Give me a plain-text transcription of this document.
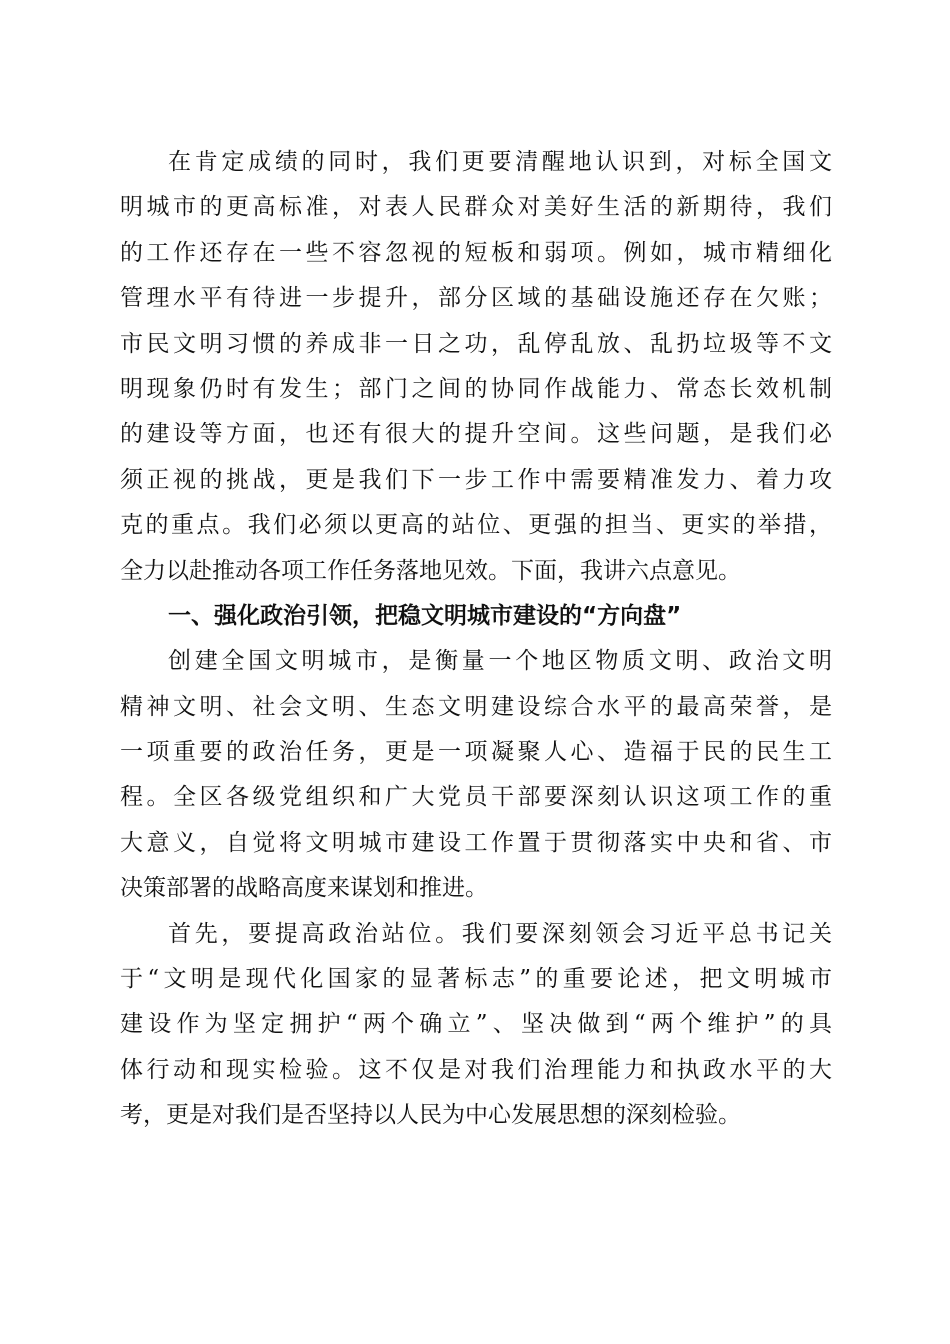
在肯定成绩的同时，我们更要清醒地认识到，对标全国文
明城市的更高标准，对表人民群众对美好生活的新期待，我们
的工作还存在一些不容忽视的短板和弱项。例如，城市精细化
管理水平有待进一步提升，部分区域的基础设施还存在欠账；
市民文明习惯的养成非一日之功，乱停乱放、乱扔垃圾等不文
明现象仍时有发生；部门之间的协同作战能力、常态长效机制
的建设等方面，也还有很大的提升空间。这些问题，是我们必
须正视的挑战，更是我们下一步工作中需要精准发力、着力攻
克的重点。我们必须以更高的站位、更强的担当、更实的举措，
全力以赴推动各项工作任务落地见效。下面，我讲六点意见。
一、强化政治引领，把稳文明城市建设的“方向盘”
创建全国文明城市，是衡量一个地区物质文明、政治文明
精神文明、社会文明、生态文明建设综合水平的最高荣誉，是
一项重要的政治任务，更是一项凝聚人心、造福于民的民生工
程。全区各级党组织和广大党员干部要深刻认识这项工作的重
大意义，自觉将文明城市建设工作置于贯彻落实中央和省、市
决策部署的战略高度来谋划和推进。
首先，要提高政治站位。我们要深刻领会习近平总书记关
于“文明是现代化国家的显著标志”的重要论述，把文明城市
建设作为坚定拥护“两个确立”、坚决做到“两个维护”的具
体行动和现实检验。这不仅是对我们治理能力和执政水平的大
考，更是对我们是否坚持以人民为中心发展思想的深刻检验。
